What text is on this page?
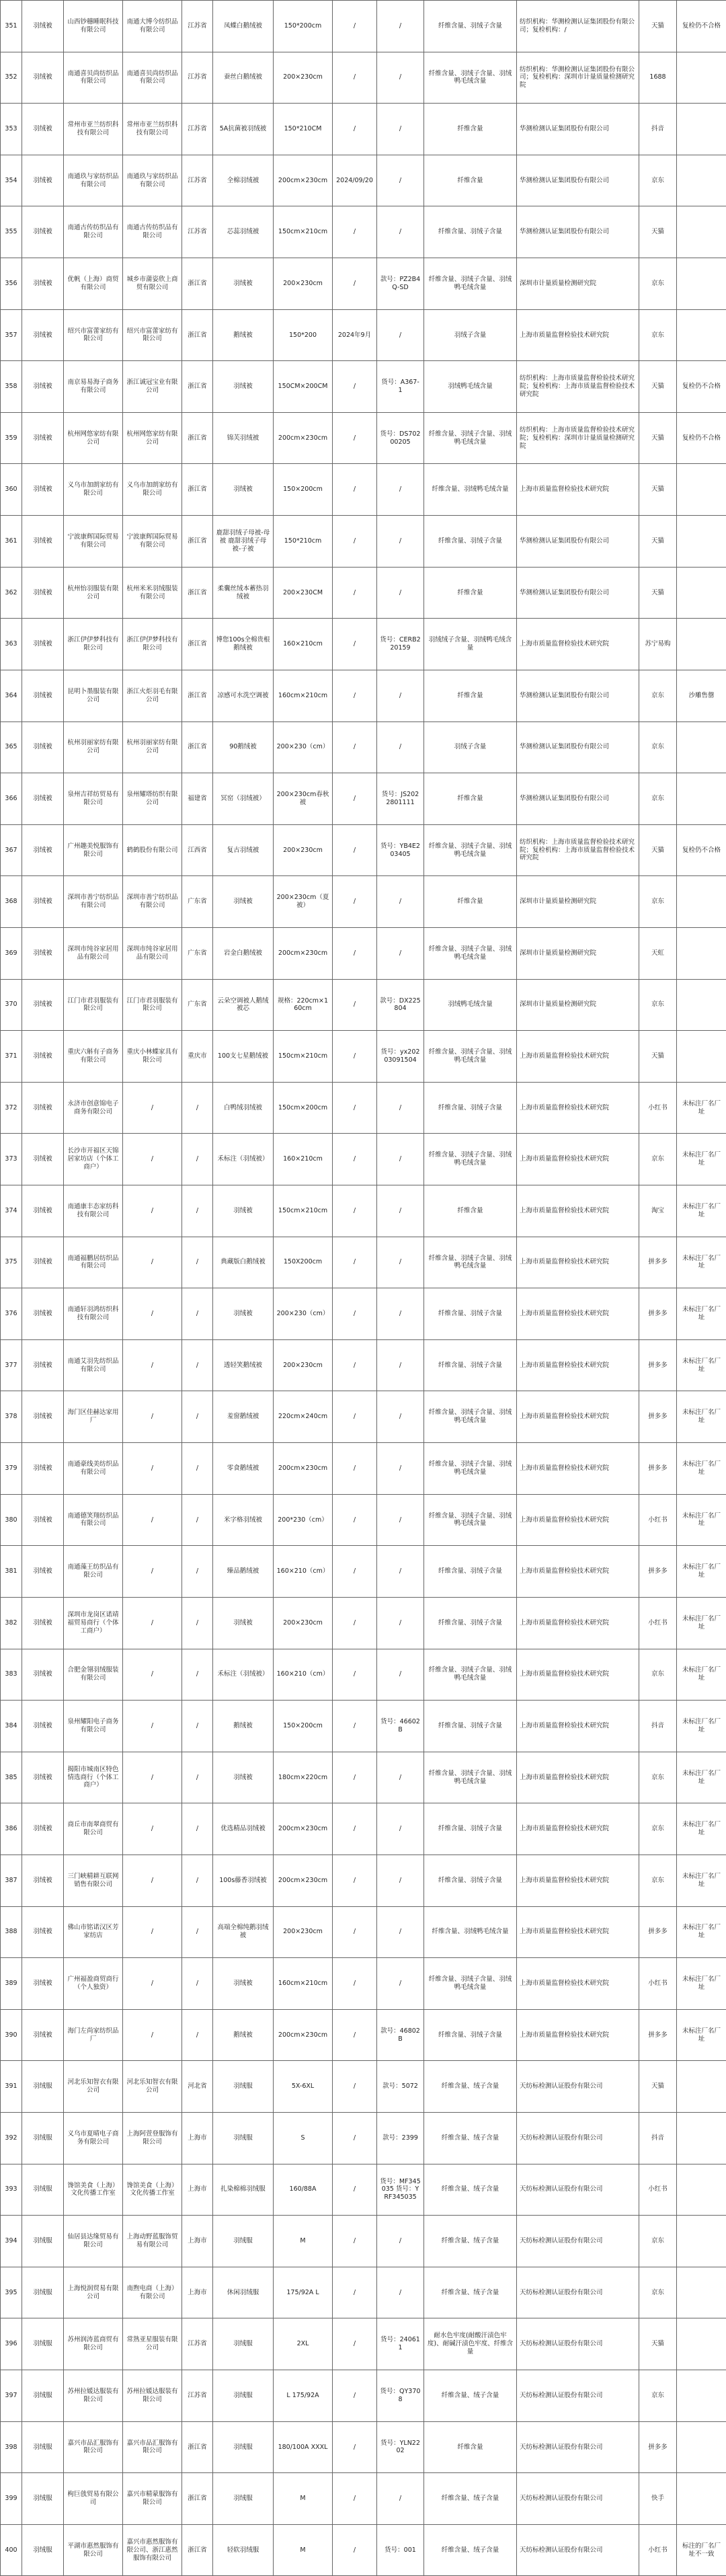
351	羽绒被	山西钞穗睡眠科技有限公司	南通大博今纺织品有限公司	江苏省	凤蝶白鹅绒被	150*200cm	/	/	纤维含量、羽绒子含量	纺织机构：华测检测认证集团股份有限公司；复检机构：/	天猫	复检仍不合格
352	羽绒被	南通喜贝尚纺织品有限公司	南通喜贝尚纺织品有限公司	江苏省	蚕丝白鹅绒被	200×230cm	/	/	纤维含量、羽绒子含量、羽绒鸭毛绒含量	纺织机构：华测检测认证集团股份有限公司；复检机构：深圳市计量质量检测研究院	1688	
353	羽绒被	常州市亚兰纺织科技有限公司	常州市亚兰纺织科技有限公司	江苏省	5A抗菌被羽绒被	150*210CM	/	/	纤维含量	华测检测认证集团股份有限公司	抖音	
354	羽绒被	南通玖与家纺织品有限公司	南通玖与家纺织品有限公司	江苏省	全棉羽绒被	200cm×230cm	2024/09/20	/	纤维含量	华测检测认证集团股份有限公司	京东	
355	羽绒被	南通古传纺织品有限公司	南通古传纺织品有限公司	江苏省	芯蕊羽绒被	150cm×210cm	/	/	纤维含量、羽绒子含量	华测检测认证集团股份有限公司	天猫	
356	羽绒被	优帆（上海）商贸有限公司	城乡市蒲姿欣上商贸有限公司	浙江省	羽绒被	200×230cm	/	款号：PZ2B4Q-SD	纤维含量、羽绒子含量、羽绒鸭毛绒含量	深圳市计量质量检测研究院	京东	
357	羽绒被	绍兴市富蕾家纺有限公司	绍兴市富蕾家纺有限公司	浙江省	鹅绒被	150*200	2024年9月	/	羽绒子含量	上海市质量监督检验技术研究院	京东	
358	羽绒被	南京易易海子商务有限公司	浙江诚冠宝业有限公司	浙江省	羽绒被	150CM×200CM	/	货号：A367-1	羽绒鸭毛绒含量	纺织机构：上海市质量监督检验技术研究院；复检机构：上海市质量监督检验技术研究院	天猫	复检仍不合格
359	羽绒被	杭州网悠家纺有限公司	杭州网悠家纺有限公司	浙江省	锦芙羽绒被	200cm×230cm	/	货号：DS70200205	纤维含量、羽绒子含量、羽绒鸭毛绒含量	纺织机构：上海市质量监督检验技术研究院；复检机构：深圳市计量质量检测研究院	天猫	复检仍不合格
360	羽绒被	义乌市加朗家纺有限公司	义乌市加朗家纺有限公司	浙江省	羽绒被	150×200cm	/	/	纤维含量、羽绒鸭毛绒含量	上海市质量监督检验技术研究院	天猫	
361	羽绒被	宁波康辉国际贸易有限公司	宁波康辉国际贸易有限公司	浙江省	鹿甜羽绒子母被-母被 鹿甜羽绒子母被-子被	150*210cm	/	/	纤维含量、羽绒子含量	华测检测认证集团股份有限公司	天猫	
362	羽绒被	杭州怡羽服装有限公司	杭州米米羽绒服装有限公司	浙江省	柔囊丝绒本蓄热羽绒被	200×230CM	/	/	纤维含量	华测检测认证集团股份有限公司	天猫	
363	羽绒被	浙江伊伊梦科技有限公司	浙江伊伊梦科技有限公司	浙江省	博您100s全棉贵根鹅绒被	160×210cm	/	货号：CERB220159	羽绒绒子含量、羽绒鸭毛绒含量	上海市质量监督检验技术研究院	苏宁易购	
364	羽绒被	昆明卜墨服装有限公司	浙江火炬羽毛有限公司	浙江省	凉感可水洗空调被	160cm×210cm	/	/	纤维含量	华测检测认证集团股份有限公司	京东	沙雕售罄
365	羽绒被	杭州羽丽家纺有限公司	杭州羽丽家纺有限公司	浙江省	90鹅绒被	200×230（cm）	/	/	羽绒子含量	华测检测认证集团股份有限公司	京东	
366	羽绒被	泉州吉祥纺贸易有限公司	泉州耀塔纺织有限公司	福建省	冥窑（羽绒被）	200×230cm春秋被	/	货号：JS2022801111	纤维含量	华测检测认证集团股份有限公司	京东	
367	羽绒被	广州趣美悦服饰有限公司	鹤鹤股份有限公司	江西省	复古羽绒被	200×230cm	/	货号：YB4E203405	纤维含量、羽绒子含量、羽绒鸭毛绒含量	纺织机构：上海市质量监督检验技术研究院；复检机构：上海市质量监督检验技术研究院	天猫	复检仍不合格
368	羽绒被	深圳市善宁纺织品有限公司	深圳市善宁纺织品有限公司	广东省	羽绒被	200×230cm（夏被）	/	/	纤维含量	深圳市计量质量检测研究院	京东	
369	羽绒被	深圳市纯谷家居用品有限公司	深圳市纯谷家居用品有限公司	广东省	岩金白鹅绒被	200cm×230cm	/	/	纤维含量、羽绒子含量、羽绒鸭毛绒含量	深圳市计量质量检测研究院	天虹	
370	羽绒被	江门市君羽服装有限公司	江门市君羽服装有限公司	广东省	云朵空调被人鹅绒被芯	规格：220cm×160cm	/	款号：DX225804	羽绒鸭毛绒含量	深圳市计量质量检测研究院	京东	
371	羽绒被	重庆六斛有子商务有限公司	重庆小林蝶家具有限公司	重庆市	100支七星鹅绒被	150cm×210cm	/	货号：yx20203091504	纤维含量、羽绒子含量、羽绒鸭毛绒含量	上海市质量监督检验技术研究院	天猫	
372	羽绒被	永济市创意锦电子商务有限公司	/	/	白鸭绒羽绒被	150cm×200cm	/	/	纤维含量、羽绒子含量	上海市质量监督检验技术研究院	小红书	未标注厂名厂址
373	羽绒被	长沙市开福区天锦居家坊店（个体工商户）	/	/	禾标注（羽绒被）	160×210cm	/	/	纤维含量、羽绒子含量、羽绒鸭毛绒含量	上海市质量监督检验技术研究院	京东	未标注厂名厂址
374	羽绒被	南通康丰态家纺科技有限公司	/	/	羽绒被	150cm×210cm	/	/	纤维含量	上海市质量监督检验技术研究院	淘宝	未标注厂名厂址
375	羽绒被	南通福鹏居纺织品有限公司	/	/	典藏版白鹅绒被	150X200cm	/	/	纤维含量、羽绒子含量、羽绒鸭毛绒含量	上海市质量监督检验技术研究院	拼多多	未标注厂名厂址
376	羽绒被	南通轩羽鸿纺织科技有限公司	/	/	羽绒被	200×230（cm）	/	/	纤维含量、羽绒子含量	上海市质量监督检验技术研究院	拼多多	未标注厂名厂址
377	羽绒被	南通艾羽先纺织品有限公司	/	/	透轻笑鹅绒被	200×230cm	/	/	纤维含量、羽绒子含量	上海市质量监督检验技术研究院	拼多多	未标注厂名厂址
378	羽绒被	海门区佳赫达家用厂	/	/	羞窗鹅绒被	220cm×240cm	/	/	纤维含量、羽绒子含量、羽绒鸭毛绒含量	上海市质量监督检验技术研究院	拼多多	未标注厂名厂址
379	羽绒被	南通豪线美纺织品有限公司	/	/	零食鹅绒被	200cm×230cm	/	/	纤维含量、羽绒子含量、羽绒鸭毛绒含量	上海市质量监督检验技术研究院	拼多多	未标注厂名厂址
380	羽绒被	南通德笑翔纺织品有限公司	/	/	米字格羽绒被	200*230（cm）	/	/	纤维含量、羽绒子含量、羽绒鸭毛绒含量	上海市质量监督检验技术研究院	小红书	未标注厂名厂址
381	羽绒被	南通藻王纺织品有限公司	/	/	臻品鹅绒被	160×210（cm）	/	/	纤维含量、羽绒子含量	上海市质量监督检验技术研究院	拼多多	未标注厂名厂址
382	羽绒被	深圳市龙岗区诺靖福贸易商行（个体工商户）	/	/	羽绒被	200×230cm	/	/	纤维含量、羽绒子含量	上海市质量监督检验技术研究院	小红书	未标注厂名厂址
383	羽绒被	合肥金翎羽绒服装有限公司	/	/	禾标注（羽绒被）	160×210（cm）	/	/	纤维含量、羽绒子含量、羽绒鸭毛绒含量	上海市质量监督检验技术研究院	京东	未标注厂名厂址
384	羽绒被	泉州耀阳电子商务有限公司	/	/	鹅绒被	150×200cm	/	货号：46602B	纤维含量、羽绒子含量	上海市质量监督检验技术研究院	抖音	未标注厂名厂址
385	羽绒被	揭阳市城南区特色情选商行（个体工商户）	/	/	羽绒被	180cm×220cm	/	/	纤维含量、羽绒子含量、羽绒鸭毛绒含量	上海市质量监督检验技术研究院	京东	未标注厂名厂址
386	羽绒被	商丘市南翠商贸有限公司	/	/	优选精品羽绒被	200cm×230cm	/	/	纤维含量、羽绒子含量	上海市质量监督检验技术研究院	京东	未标注厂名厂址
387	羽绒被	三门峡精耕互联网销售有限公司	/	/	100s藤香羽绒被	200cm×230cm	/	/	纤维含量、羽绒子含量	上海市质量监督检验技术研究院	京东	未标注厂名厂址
388	羽绒被	佛山市铭诺汉区芳家纺店	/	/	高端全棉纯鹅羽绒被	200×230cm	/	/	纤维含量、羽绒鸭毛绒含量	上海市质量监督检验技术研究院	拼多多	未标注厂名厂址
389	羽绒被	广州福盈商贸商行（个人独资）	/	/	羽绒被	160cm×210cm	/	/	纤维含量、羽绒子含量、羽绒鸭毛绒含量	上海市质量监督检验技术研究院	小红书	未标注厂名厂址
390	羽绒被	海门左尚家纺织品厂	/	/	鹅绒被	200cm×230cm	/	款号：46802B	纤维含量、羽绒子含量	上海市质量监督检验技术研究院	拼多多	未标注厂名厂址
391	羽绒服	河北乐知智衣有限公司	河北乐知智衣有限公司	河北省	羽绒服	5X-6XL	/	款号：5072	纤维含量、绒子含量	天纺标检测认证股份有限公司	天猫	
392	羽绒服	义乌市夏晴电子商务有限公司	上海阿萱登服饰有限公司	上海市	羽绒服	S	/	款号：2399	纤维含量、绒子含量	天纺标检测认证股份有限公司	抖音	
393	羽绒服	馋馆美食（上海）文化传播工作室	馋馆美食（上海）文化传播工作室	上海市	扎染棉棉羽绒服	160/88A	/	货号：MF345035 货号：YRF345035	纤维含量、绒子含量	天纺标检测认证股份有限公司	小红书	
394	羽绒服	仙居县达缘贸易有限公司	上海动野蓝服饰贸易有限公司	上海市	羽绒服	M	/	/	纤维含量、绒子含量	天纺标检测认证股份有限公司	京东	
395	羽绒服	上海悦润贸易有限公司	南煦电商（上海）有限公司	上海市	休闲羽绒服	175/92A L	/	/	纤维含量、绒子含量	天纺标检测认证股份有限公司	京东	
396	羽绒服	苏州润涛蓝商贸有限公司	常熟亚星服装有限公司	江苏省	羽绒服	2XL	/	货号：240611	耐水色牢度(耐酸汗渍色牢度)、耐碱汗渍色牢度、纤维含量	天纺标检测认证股份有限公司	天猫	
397	羽绒服	苏州拉媛达服装有限公司	苏州拉媛达服装有限公司	江苏省	羽绒服	L 175/92A	/	货号：QY3708	纤维含量、绒子含量	天纺标检测认证股份有限公司	京东	
398	羽绒服	嘉兴市品汇服饰有限公司	嘉兴市品汇服饰有限公司	浙江省	羽绒服	180/100A XXXL	/	货号：YLN2202	纤维含量	天纺标检测认证股份有限公司	拼多多	
399	羽绒服	枸巨戗贸易有限公司	嘉兴市精蒙服饰有限公司	浙江省	羽绒服	M	/	/	纤维含量、绒子含量	天纺标检测认证股份有限公司	快手	
400	羽绒服	平湖市惠然服饰有限公司	嘉兴市惠然服饰有限公司、浙江惠然服饰有限公司	浙江省	轻软羽绒服	M	/	货号：001	纤维含量、绒子含量	天纺标检测认证股份有限公司	小红书	标注的厂名厂址不一致
